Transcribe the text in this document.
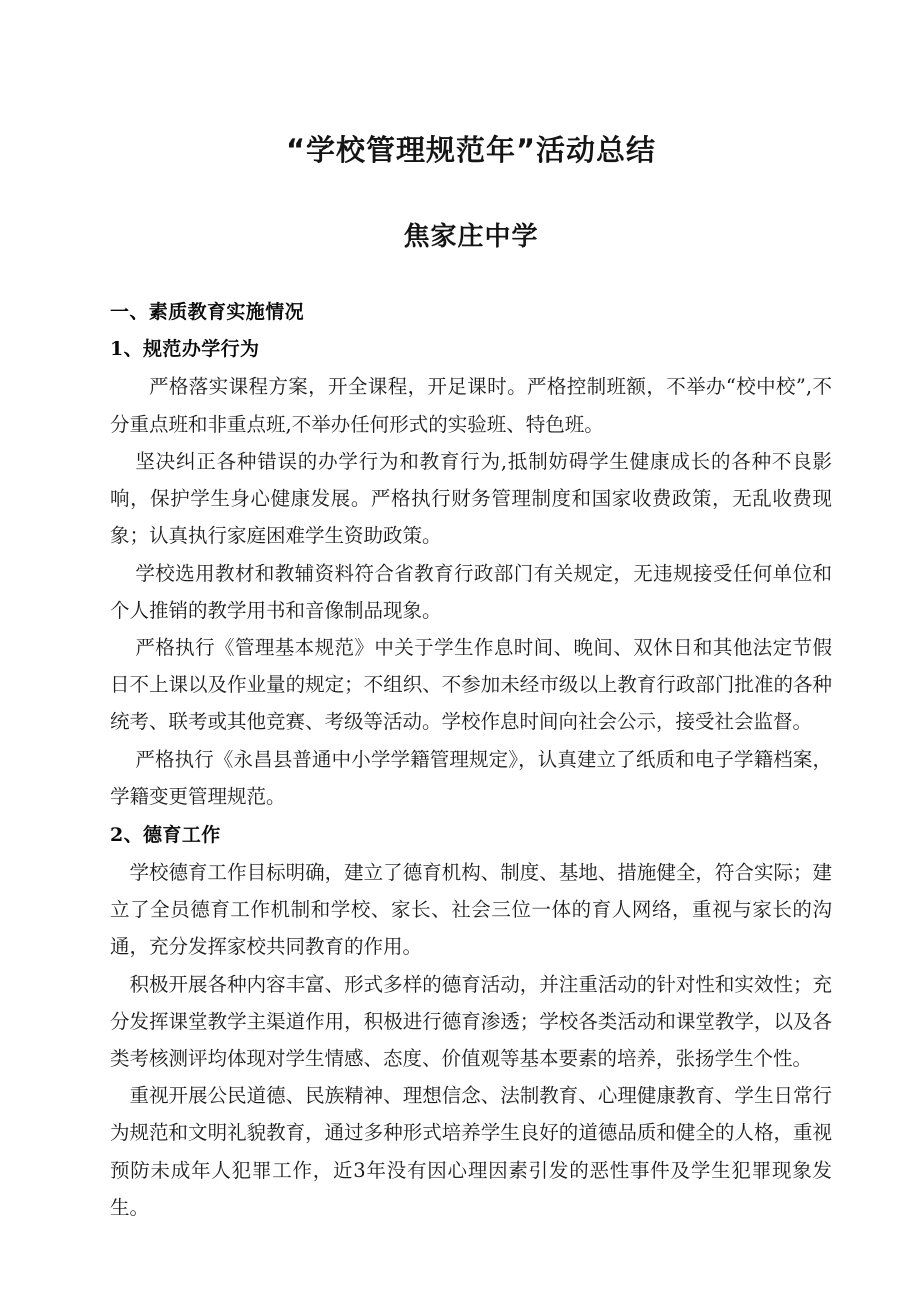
“学校管理规范年”活动总结
焦家庄中学
一、素质教育实施情况
1、规范办学行为

严格落实课程方案，开全课程，开足课时。严格控制班额，不举办“校中校”,不分重点班和非重点班,不举办任何形式的实验班、特色班。

坚决纠正各种错误的办学行为和教育行为,抵制妨碍学生健康成长的各种不良影响，保护学生身心健康发展。严格执行财务管理制度和国家收费政策，无乱收费现象；认真执行家庭困难学生资助政策。

学校选用教材和教辅资料符合省教育行政部门有关规定，无违规接受任何单位和个人推销的教学用书和音像制品现象。

严格执行《管理基本规范》中关于学生作息时间、晚间、双休日和其他法定节假日不上课以及作业量的规定；不组织、不参加未经市级以上教育行政部门批准的各种统考、联考或其他竞赛、考级等活动。学校作息时间向社会公示，接受社会监督。

严格执行《永昌县普通中小学学籍管理规定》，认真建立了纸质和电子学籍档案，学籍变更管理规范。

2、德育工作

学校德育工作目标明确，建立了德育机构、制度、基地、措施健全，符合实际；建立了全员德育工作机制和学校、家长、社会三位一体的育人网络，重视与家长的沟通，充分发挥家校共同教育的作用。

积极开展各种内容丰富、形式多样的德育活动，并注重活动的针对性和实效性；充分发挥课堂教学主渠道作用，积极进行德育渗透；学校各类活动和课堂教学，以及各类考核测评均体现对学生情感、态度、价值观等基本要素的培养，张扬学生个性。

重视开展公民道德、民族精神、理想信念、法制教育、心理健康教育、学生日常行为规范和文明礼貌教育，通过多种形式培养学生良好的道德品质和健全的人格，重视预防未成年人犯罪工作，近3年没有因心理因素引发的恶性事件及学生犯罪现象发生。
